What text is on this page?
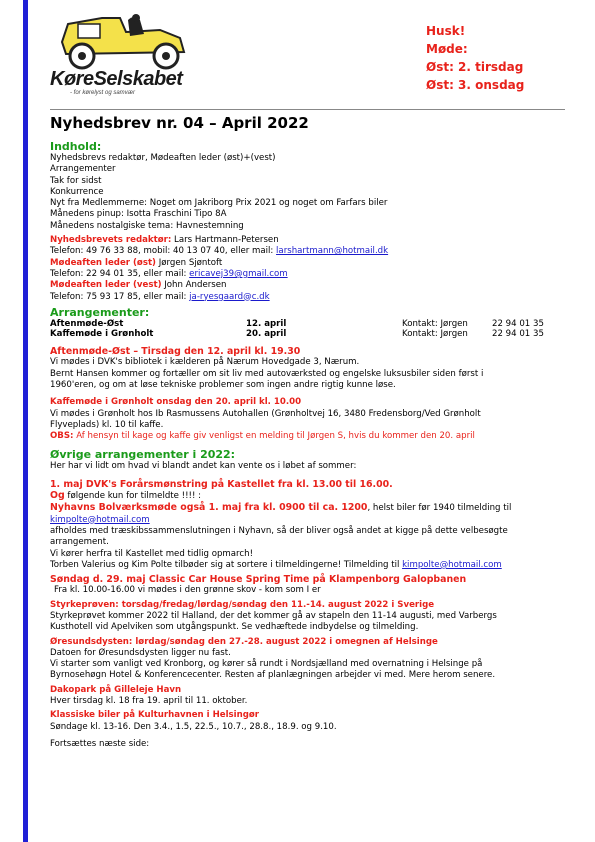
KøreSelskabet
- for kørelyst og samvær
Husk!
Møde:
Øst: 2. tirsdag
Øst: 3. onsdag
Nyhedsbrev nr. 04 – April 2022
Indhold:
Nyhedsbrevs redaktør, Mødeaften leder (øst)+(vest)
Arrangementer
Tak for sidst
Konkurrence
Nyt fra Medlemmerne: Noget om Jakriborg Prix 2021 og noget om Farfars biler
Månedens pinup: Isotta Fraschini Tipo 8A
Månedens nostalgiske tema: Havnestemning
Nyhedsbrevets redaktør: Lars Hartmann-Petersen
Telefon: 49 76 33 88, mobil: 40 13 07 40, eller mail: larshartmann@hotmail.dk
Mødeaften leder (øst) Jørgen Sjøntoft
Telefon: 22 94 01 35, eller mail: ericavej39@gmail.com
Mødeaften leder (vest) John Andersen
Telefon: 75 93 17 85, eller mail: ja-ryesgaard@c.dk
Arrangementer:
Aftenmøde-Øst	12. april	Kontakt: Jørgen	22 94 01 35
Kaffemøde i Grønholt	20. april	Kontakt: Jørgen	22 94 01 35
Aftenmøde-Øst – Tirsdag den 12. april kl. 19.30
Vi mødes i DVK's bibliotek i kælderen på Nærum Hovedgade 3, Nærum.
Bernt Hansen kommer og fortæller om sit liv med autoværksted og engelske luksusbiler siden først i
1960'eren, og om at løse tekniske problemer som ingen andre rigtig kunne løse.
Kaffemøde i Grønholt onsdag den 20. april kl. 10.00
Vi mødes i Grønholt hos Ib Rasmussens Autohallen (Grønholtvej 16, 3480 Fredensborg/Ved Grønholt
Flyveplads) kl. 10 til kaffe.
OBS: Af hensyn til kage og kaffe giv venligst en melding til Jørgen S, hvis du kommer den 20. april
Øvrige arrangementer i 2022:
Her har vi lidt om hvad vi blandt andet kan vente os i løbet af sommer:
1. maj DVK's Forårsmønstring på Kastellet fra kl. 13.00 til 16.00.
Og følgende kun for tilmeldte !!!! :
Nyhavns Bolværksmøde også 1. maj fra kl. 0900 til ca. 1200, helst biler før 1940 tilmelding til
kimpolte@hotmail.com
afholdes med træskibssammenslutningen i Nyhavn, så der bliver også andet at kigge på dette velbesøgte
arrangement.
Vi kører herfra til Kastellet med tidlig opmarch!
Torben Valerius og Kim Polte tilbøder sig at sortere i tilmeldingerne! Tilmelding til kimpolte@hotmail.com
Søndag d. 29. maj Classic Car House Spring Time på Klampenborg Galopbanen
Fra kl. 10.00-16.00 vi mødes i den grønne skov - kom som I er
Styrkeprøven: torsdag/fredag/lørdag/søndag den 11.-14. august 2022 i Sverige
Styrkeprøvet kommer 2022 til Halland, der det kommer gå av stapeln den 11-14 augusti, med Varbergs
Kusthotell vid Apelviken som utgångspunkt. Se vedhæftede indbydelse og tilmelding.
Øresundsdysten: lørdag/søndag den 27.-28. august 2022 i omegnen af Helsinge
Datoen for Øresundsdysten ligger nu fast.
Vi starter som vanligt ved Kronborg, og kører så rundt i Nordsjælland med overnatning i Helsinge på
Byrnosehøgn Hotel & Konferencecenter. Resten af planlægningen arbejder vi med. Mere herom senere.
Dakopark på Gilleleje Havn
Hver tirsdag kl. 18 fra 19. april til 11. oktober.
Klassiske biler på Kulturhavnen i Helsingør
Søndage kl. 13-16. Den 3.4., 1.5, 22.5., 10.7., 28.8., 18.9. og 9.10.
Fortsættes næste side:
